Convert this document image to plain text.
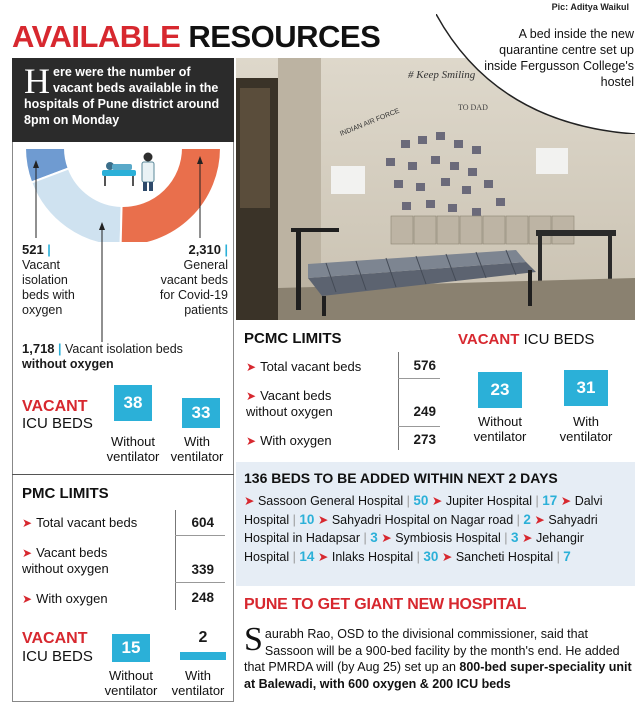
Pic: Aditya Waikul
AVAILABLE RESOURCES
# Keep Smiling
INDIAN AIR FORCE
TO DAD
A bed inside the new quarantine centre set up inside Fergusson College's hostel
Here were the number of vacant beds available in the hospitals of Pune district around 8pm on Monday
521 |
Vacant
isolation
beds with
oxygen
2,310 |
General
vacant beds
for Covid-19
patients
1,718 | Vacant isolation beds
without oxygen
VACANT
ICU BEDS
38
33
Without
ventilator
With
ventilator
PMC LIMITS
➤ Total vacant beds	604
➤ Vacant beds
without oxygen	339
➤ With oxygen	248
VACANT
ICU BEDS	15
2
Without
ventilator
With
ventilator
PCMC LIMITS
➤ Total vacant beds	576
➤ Vacant beds
without oxygen	249
➤ With oxygen	273
VACANT ICU BEDS
23	31
Without
ventilator
With
ventilator
136 BEDS TO BE ADDED WITHIN NEXT 2 DAYS
➤ Sassoon General Hospital | 50 ➤ Jupiter Hospital | 17 ➤ Dalvi Hospital | 10 ➤ Sahyadri Hospital on Nagar road | 2 ➤ Sahyadri Hospital in Hadapsar | 3 ➤ Symbiosis Hospital | 3 ➤ Jehangir Hospital | 14 ➤ Inlaks Hospital | 30 ➤ Sancheti Hospital | 7
PUNE TO GET GIANT NEW HOSPITAL
Saurabh Rao, OSD to the divisional commissioner, said that Sassoon will be a 900-bed facility by the month's end. He added that PMRDA will (by Aug 25) set up an 800-bed super-speciality unit at Balewadi, with 600 oxygen & 200 ICU beds
